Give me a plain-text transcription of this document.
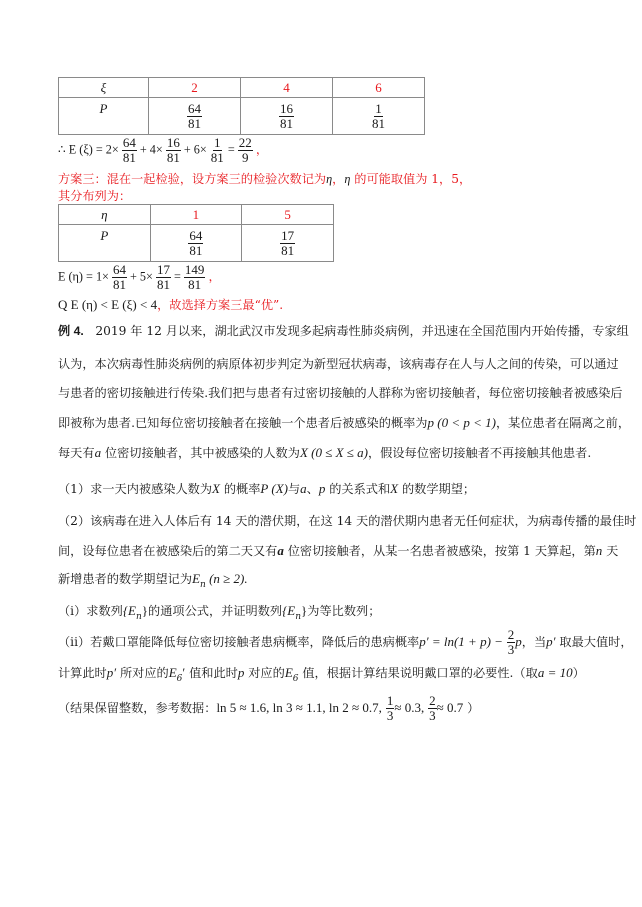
ξ	2	4	6
P	$\frac{64}{81}$	$\frac{16}{81}$	$\frac{1}{81}$
∴ E $(\xi) = 2\times \frac{64}{81} + 4\times \frac{16}{81} + 6\times \frac{1}{81} = \frac{22}{9}$ ，
方案三：混在一起检验，设方案三的检验次数记为η，η 的可能取值为 1，5，
其分布列为：
η	1	5
P	$\frac{64}{81}$	$\frac{17}{81}$
E $(\eta) = 1\times \frac{64}{81} + 5\times \frac{17}{81} = \frac{149}{81}$ ，
Q E (η) < E (ξ) < 4，故选择方案三最“优”.
例 4. 2019 年 12 月以来，湖北武汉市发现多起病毒性肺炎病例，并迅速在全国范围内开始传播，专家组
认为，本次病毒性肺炎病例的病原体初步判定为新型冠状病毒，该病毒存在人与人之间的传染，可以通过
与患者的密切接触进行传染.我们把与患者有过密切接触的人群称为密切接触者，每位密切接触者被感染后
即被称为患者.已知每位密切接触者在接触一个患者后被感染的概率为p (0 < p < 1)，某位患者在隔离之前，
每天有a 位密切接触者，其中被感染的人数为X (0 ≤ X ≤ a)，假设每位密切接触者不再接触其他患者.
（1）求一天内被感染人数为X 的概率P (X)与a、p 的关系式和X 的数学期望；
（2）该病毒在进入人体后有 14 天的潜伏期，在这 14 天的潜伏期内患者无任何症状，为病毒传播的最佳时
间，设每位患者在被感染后的第二天又有a 位密切接触者，从某一名患者被感染，按第 1 天算起，第n 天
新增患者的数学期望记为$E_n$ (n ≥ 2).
（i）求数列$\{E_n\}$的通项公式，并证明数列$\{E_n\}$为等比数列；
（ii）若戴口罩能降低每位密切接触者患病概率，降低后的患病概率$p' = \ln(1 + p) - \frac{2}{3}$ p，当p′ 取最大值时，
计算此时p′ 所对应的$E_6'$ 值和此时p 对应的$E_6$ 值，根据计算结果说明戴口罩的必要性.（取a = 10）
（结果保留整数，参考数据：ln 5 ≈ 1.6, ln 3 ≈ 1.1, ln 2 ≈ 0.7, $\frac{1}{3} \approx 0.3$, $\frac{2}{3} \approx 0.7$ ）
